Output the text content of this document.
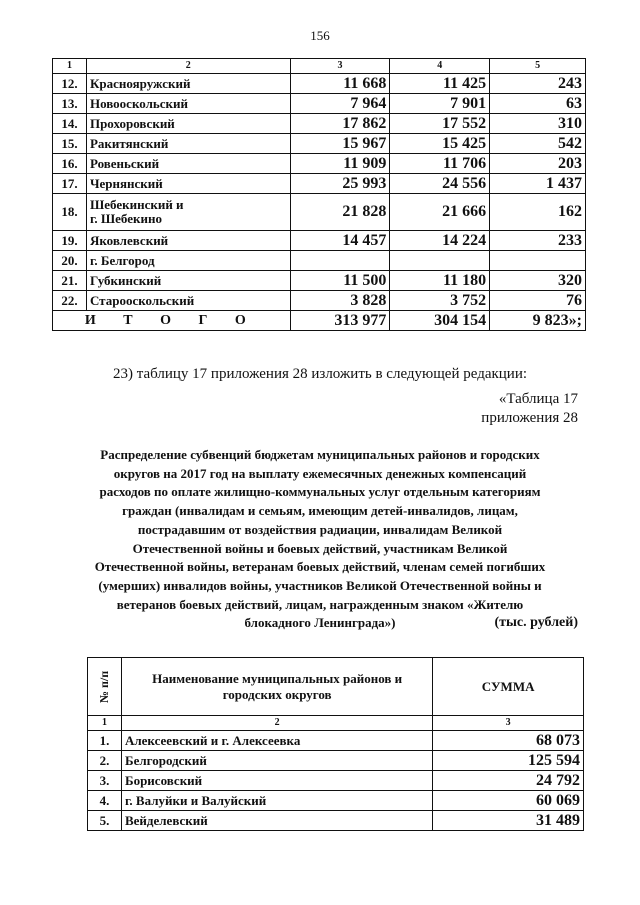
156
1	2	3	4	5
12.	Краснояружский	11 668	11 425	243
13.	Новооскольский	7 964	7 901	63
14.	Прохоровский	17 862	17 552	310
15.	Ракитянский	15 967	15 425	542
16.	Ровеньский	11 909	11 706	203
17.	Чернянский	25 993	24 556	1 437
18.	Шебекинский и
г. Шебекино	21 828	21 666	162
19.	Яковлевский	14 457	14 224	233
20.	г. Белгород			
21.	Губкинский	11 500	11 180	320
22.	Старооскольский	3 828	3 752	76
И Т О Г О		313 977	304 154	9 823»;
23) таблицу 17 приложения 28 изложить в следующей редакции:
«Таблица 17
приложения 28
Распределение субвенций бюджетам муниципальных районов и городских
округов на 2017 год на выплату ежемесячных денежных компенсаций
расходов по оплате жилищно-коммунальных услуг отдельным категориям
граждан (инвалидам и семьям, имеющим детей-инвалидов, лицам,
пострадавшим от воздействия радиации, инвалидам Великой
Отечественной войны и боевых действий, участникам Великой
Отечественной войны, ветеранам боевых действий, членам семей погибших
(умерших) инвалидов войны, участников Великой Отечественной войны и
ветеранов боевых действий, лицам, награжденным знаком «Жителю
блокадного Ленинграда»)	(тыс. рублей)
№ п/п	Наименование муниципальных районов и
городских округов	СУММА
1	2	3
1.	Алексеевский и г. Алексеевка	68 073
2.	Белгородский	125 594
3.	Борисовский	24 792
4.	г. Валуйки и Валуйский	60 069
5.	Вейделевский	31 489
